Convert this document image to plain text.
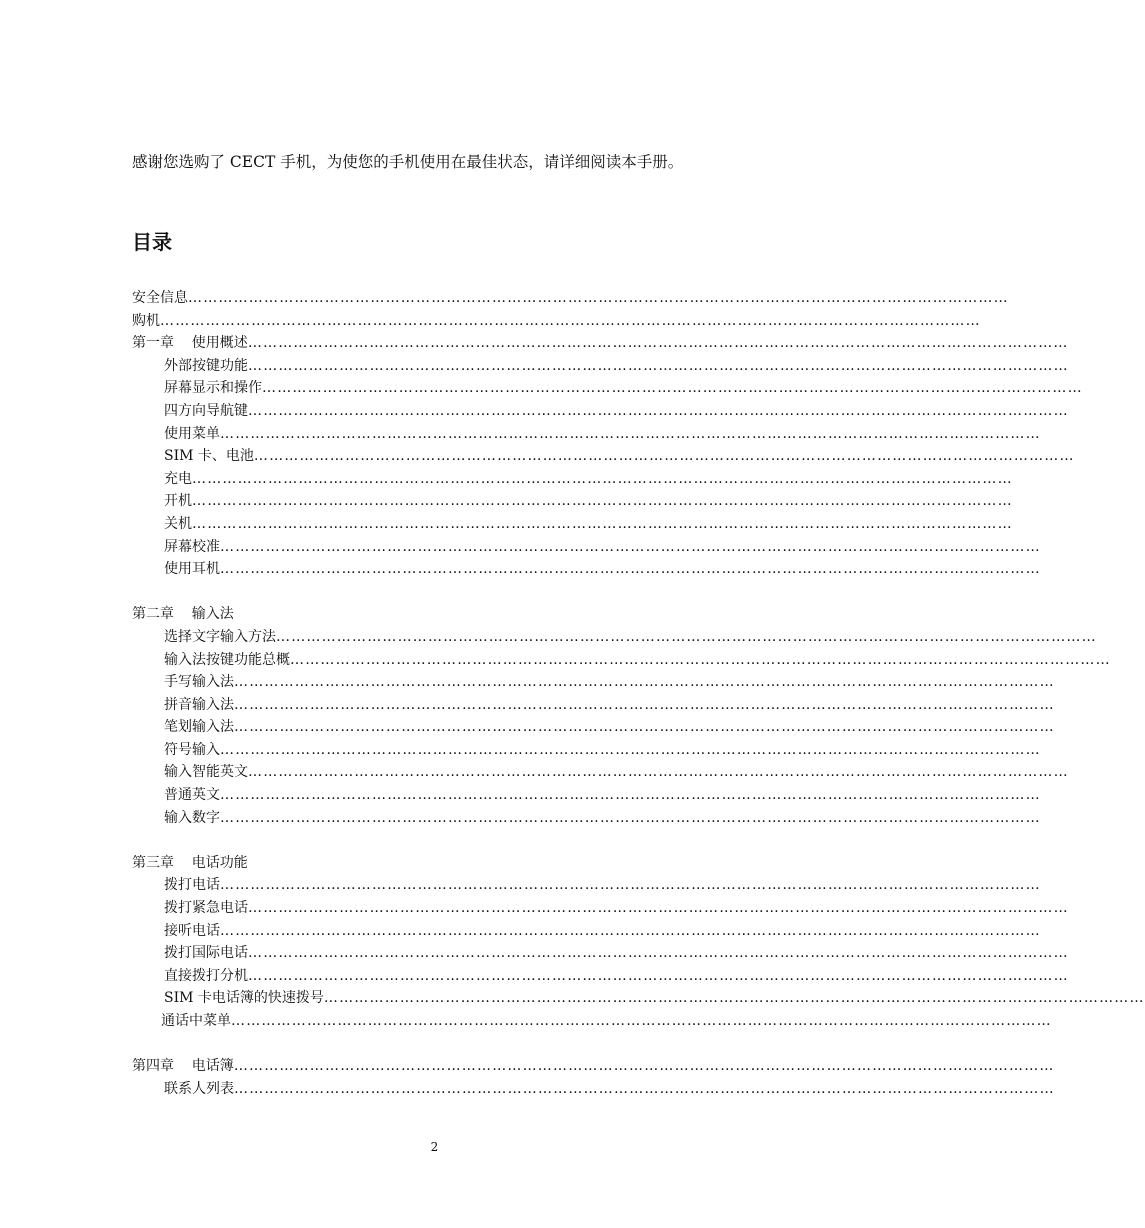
感谢您选购了 CECT 手机，为使您的手机使用在最佳状态，请详细阅读本手册。
目录
安全信息………………………………………………………………………………………………………………………………………………
购机………………………………………………………………………………………………………………………………………………
第一章    使用概述………………………………………………………………………………………………………………………………………………
外部按键功能………………………………………………………………………………………………………………………………………………
屏幕显示和操作………………………………………………………………………………………………………………………………………………
四方向导航键………………………………………………………………………………………………………………………………………………
使用菜单………………………………………………………………………………………………………………………………………………
SIM 卡、电池………………………………………………………………………………………………………………………………………………
充电………………………………………………………………………………………………………………………………………………
开机………………………………………………………………………………………………………………………………………………
关机………………………………………………………………………………………………………………………………………………
屏幕校准………………………………………………………………………………………………………………………………………………
使用耳机………………………………………………………………………………………………………………………………………………
第二章    输入法
选择文字输入方法………………………………………………………………………………………………………………………………………………
输入法按键功能总概………………………………………………………………………………………………………………………………………………
手写输入法………………………………………………………………………………………………………………………………………………
拼音输入法………………………………………………………………………………………………………………………………………………
笔划输入法………………………………………………………………………………………………………………………………………………
符号输入………………………………………………………………………………………………………………………………………………
输入智能英文………………………………………………………………………………………………………………………………………………
普通英文………………………………………………………………………………………………………………………………………………
输入数字………………………………………………………………………………………………………………………………………………
第三章    电话功能
拨打电话………………………………………………………………………………………………………………………………………………
拨打紧急电话………………………………………………………………………………………………………………………………………………
接听电话………………………………………………………………………………………………………………………………………………
拨打国际电话………………………………………………………………………………………………………………………………………………
直接拨打分机………………………………………………………………………………………………………………………………………………
SIM 卡电话簿的快速拨号………………………………………………………………………………………………………………………………………………
通话中菜单………………………………………………………………………………………………………………………………………………
第四章    电话簿………………………………………………………………………………………………………………………………………………
联系人列表………………………………………………………………………………………………………………………………………………
2
